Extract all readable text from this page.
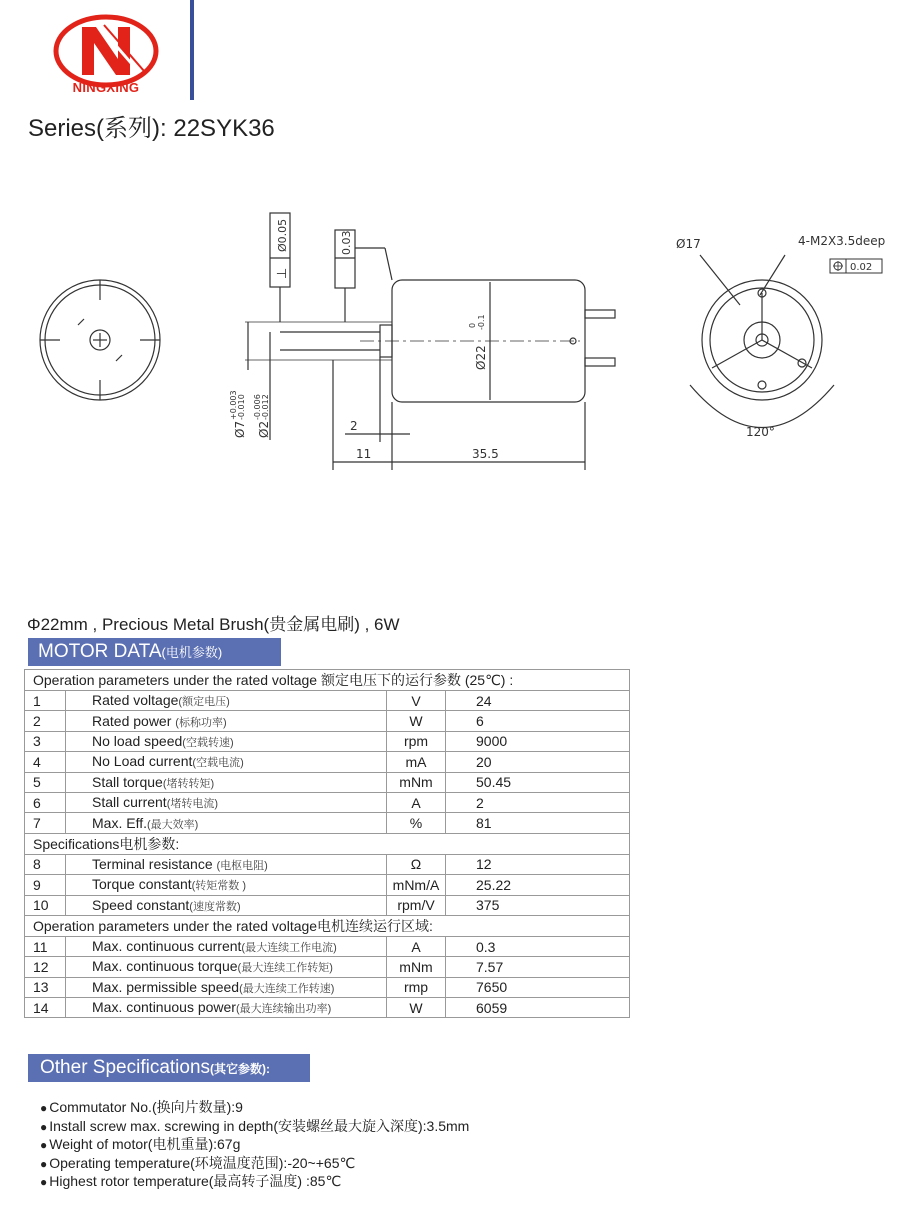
NINGXING
Series(系列): 22SYK36
⊥
Ø0.05	0.03
Ø22
0 -0.1
Ø7
+0.003 -0.010
Ø2
-0.006 -0.012
2
11	35.5
Ø17	4-M2X3.5deep
0.02
120°
Φ22mm , Precious Metal Brush(贵金属电刷) , 6W
MOTOR DATA(电机参数)
Operation parameters under the rated voltage 额定电压下的运行参数 (25℃) :			
1	Rated voltage(额定电压)	V	24
2	Rated power (标称功率)	W	6
3	No load speed(空载转速)	rpm	9000
4	No Load current(空载电流)	mA	20
5	Stall torque(堵转转矩)	mNm	50.45
6	Stall current(堵转电流)	A	2
7	Max. Eff.(最大效率)	%	81
Specifications电机参数:			
8	Terminal resistance (电枢电阻)	Ω	12
9	Torque constant(转矩常数 )	mNm/A	25.22
10	Speed constant(速度常数)	rpm/V	375
Operation parameters under the rated voltage电机连续运行区域:			
11	Max. continuous current(最大连续工作电流)	A	0.3
12	Max. continuous torque(最大连续工作转矩)	mNm	7.57
13	Max. permissible speed(最大连续工作转速)	rmp	7650
14	Max. continuous power(最大连续输出功率)	W	6059
Other Specifications(其它参数):
● Commutator No.(换向片数量):9
● Install screw max. screwing in depth(安装螺丝最大旋入深度):3.5mm
● Weight of motor(电机重量):67g
● Operating temperature(环境温度范围):-20~+65℃
● Highest rotor temperature(最高转子温度) :85℃
